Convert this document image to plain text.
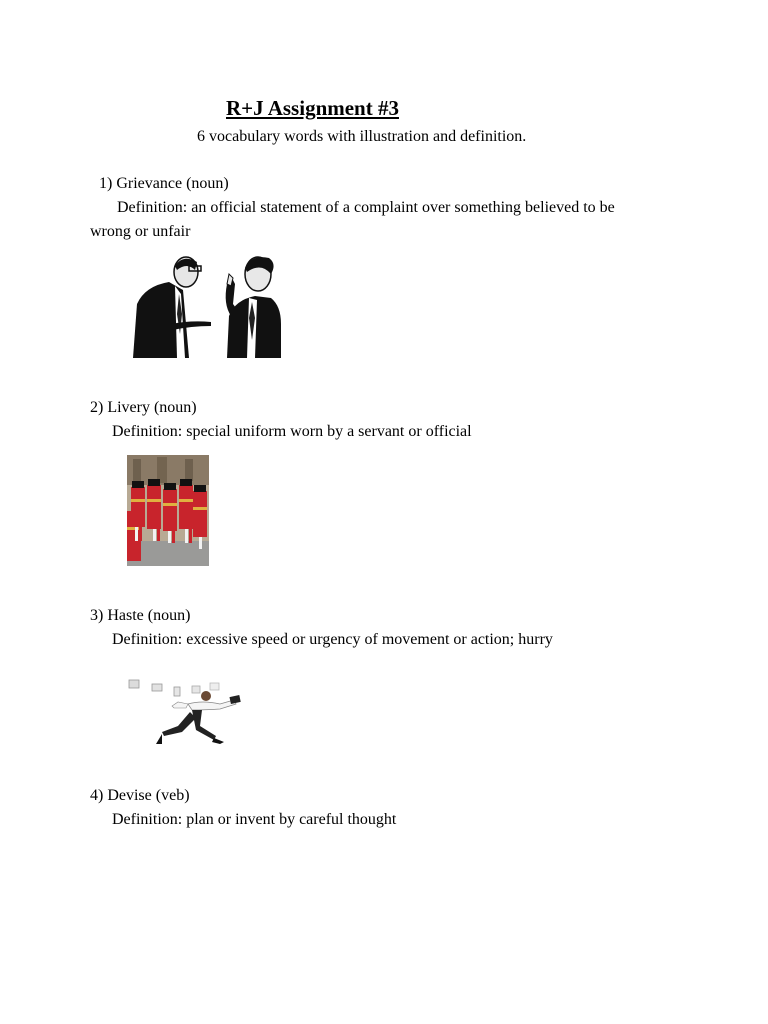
R+J Assignment #3
6 vocabulary words with illustration and definition.
1) Grievance (noun)
Definition: an official statement of a complaint over something believed to be
wrong or unfair
2) Livery (noun)
Definition: special uniform worn by a servant or official
3) Haste (noun)
Definition: excessive speed or urgency of movement or action; hurry
4) Devise (veb)
Definition: plan or invent by careful thought
